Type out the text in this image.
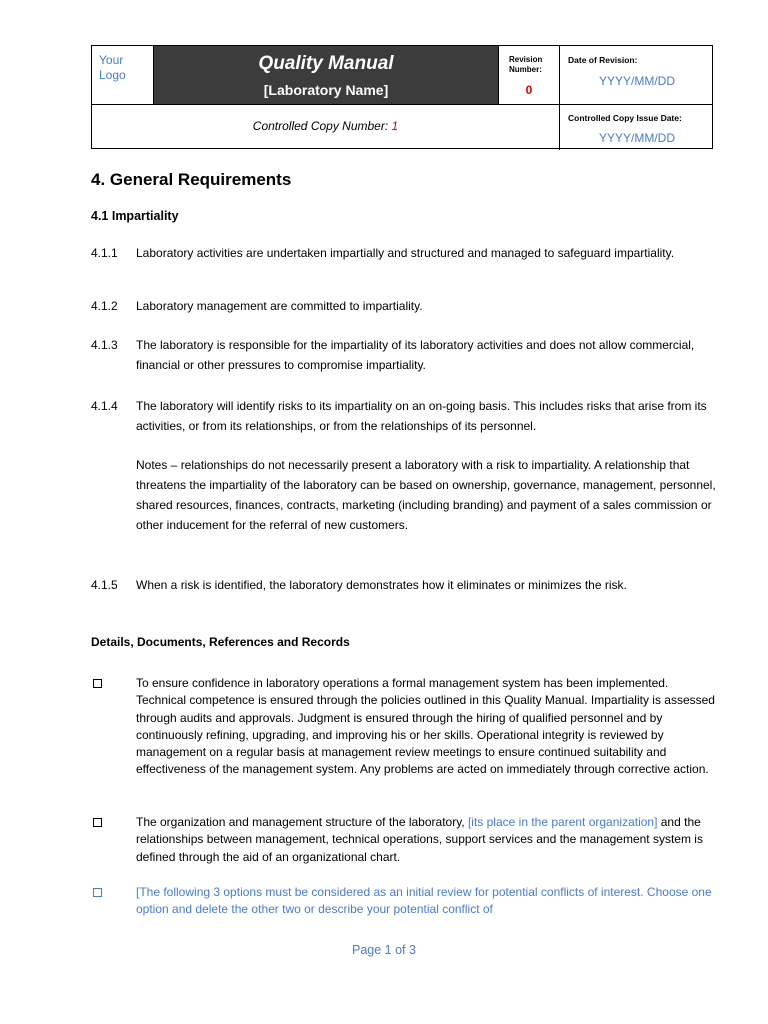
Your Logo
Quality Manual
[Laboratory Name]
Revision Number:
0
Date of Revision:
YYYY/MM/DD
Controlled Copy Number: 1
Controlled Copy Issue Date:
YYYY/MM/DD
4. General Requirements
4.1 Impartiality
4.1.1 Laboratory activities are undertaken impartially and structured and managed to safeguard impartiality.
4.1.2 Laboratory management are committed to impartiality.
4.1.3 The laboratory is responsible for the impartiality of its laboratory activities and does not allow commercial, financial or other pressures to compromise impartiality.
4.1.4 The laboratory will identify risks to its impartiality on an on-going basis. This includes risks that arise from its activities, or from its relationships, or from the relationships of its personnel.
Notes – relationships do not necessarily present a laboratory with a risk to impartiality. A relationship that threatens the impartiality of the laboratory can be based on ownership, governance, management, personnel, shared resources, finances, contracts, marketing (including branding) and payment of a sales commission or other inducement for the referral of new customers.
4.1.5 When a risk is identified, the laboratory demonstrates how it eliminates or minimizes the risk.
Details, Documents, References and Records
To ensure confidence in laboratory operations a formal management system has been implemented. Technical competence is ensured through the policies outlined in this Quality Manual. Impartiality is assessed through audits and approvals. Judgment is ensured through the hiring of qualified personnel and by continuously refining, upgrading, and improving his or her skills. Operational integrity is reviewed by management on a regular basis at management review meetings to ensure continued suitability and effectiveness of the management system. Any problems are acted on immediately through corrective action.
The organization and management structure of the laboratory, [its place in the parent organization] and the relationships between management, technical operations, support services and the management system is defined through the aid of an organizational chart.
[The following 3 options must be considered as an initial review for potential conflicts of interest. Choose one option and delete the other two or describe your potential conflict of
Page 1 of 3
